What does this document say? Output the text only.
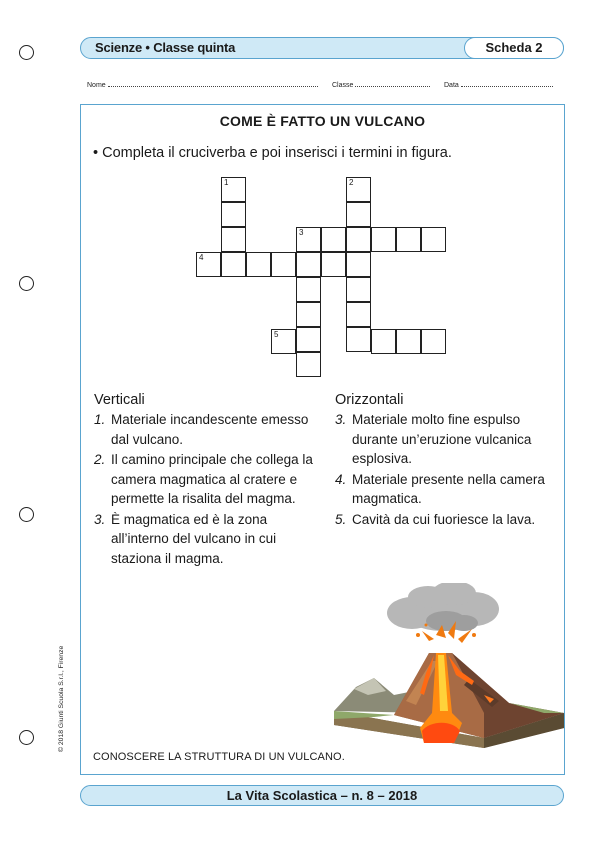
Scienze • Classe quinta	Scheda 2
Nome	Classe	Data
COME È FATTO UN VULCANO
• Completa il cruciverba e poi inserisci i termini in figura.
1
4
2
3
5
Verticali
1. Materiale incandescente emesso dal vulcano.
2. Il camino principale che collega la camera magmatica al cratere e permette la risalita del magma.
3. È magmatica ed è la zona all’interno del vulcano in cui staziona il magma.
Orizzontali
3. Materiale molto fine espulso durante un’eruzione vulcanica esplosiva.
4. Materiale presente nella camera magmatica.
5. Cavità da cui fuoriesce la lava.
CONOSCERE LA STRUTTURA DI UN VULCANO.
© 2018 Giunti Scuola S.r.l., Firenze
La Vita Scolastica – n. 8 – 2018
